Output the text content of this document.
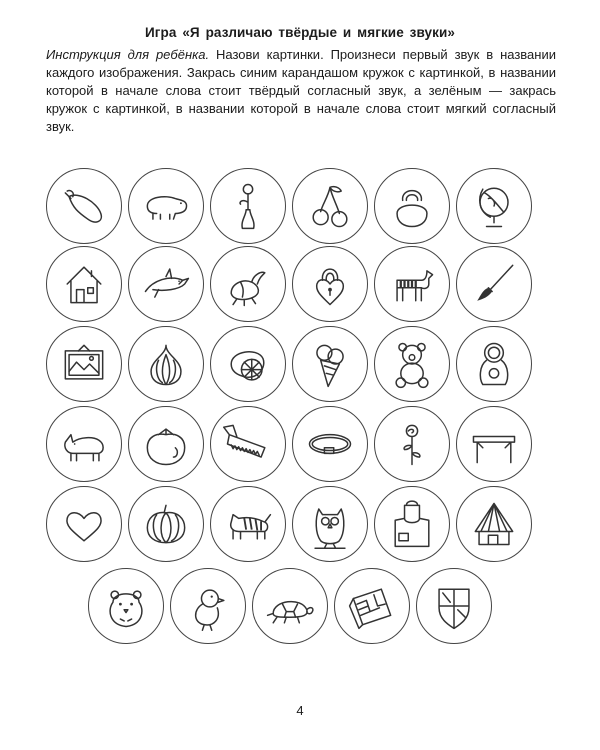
Игра «Я различаю твёрдые и мягкие звуки»
Инструкция для ребёнка. Назови картинки. Произнеси первый звук в названии каждого изображения. Закрась синим карандашом кружок с картинкой, в названии которой в начале слова стоит твёрдый согласный звук, а зелёным — закрась кружок с картинкой, в названии которой в начале слова стоит мягкий согласный звук.
4
